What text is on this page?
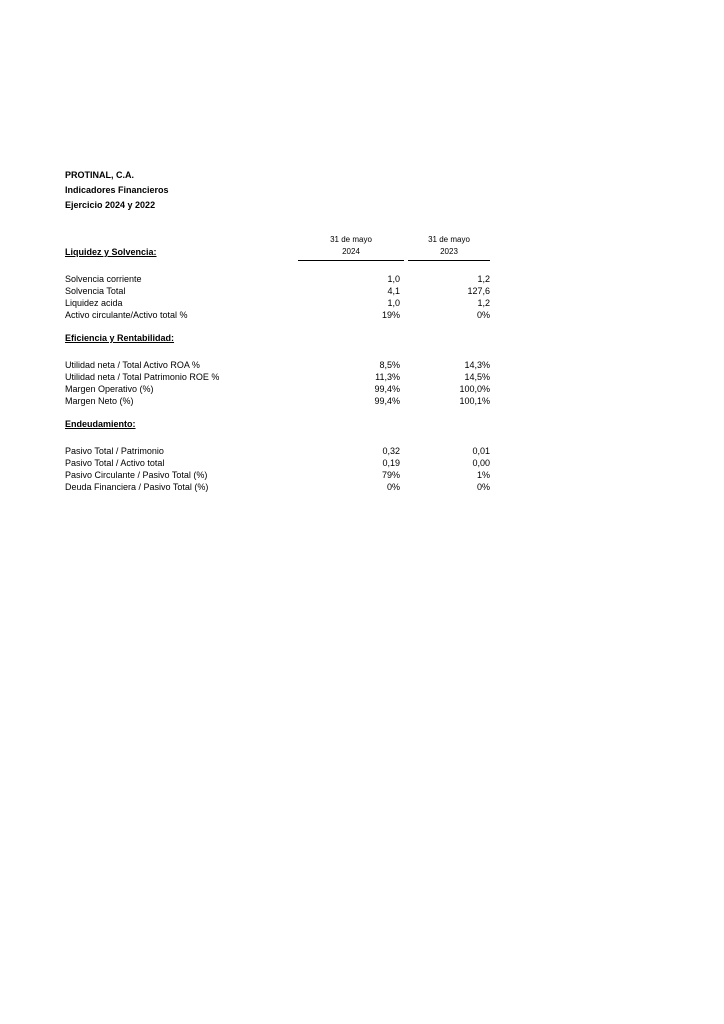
PROTINAL, C.A.
Indicadores Financieros
Ejercicio 2024 y 2022
31 de mayo
2024
31 de mayo
2023
Liquidez y Solvencia:
Solvencia corriente	1,0	1,2
Solvencia Total	4,1	127,6
Liquidez acida	1,0	1,2
Activo circulante/Activo total %	19%	0%
Eficiencia y Rentabilidad:
Utilidad neta / Total Activo ROA %	8,5%	14,3%
Utilidad neta / Total Patrimonio ROE %	11,3%	14,5%
Margen Operativo (%)	99,4%	100,0%
Margen Neto (%)	99,4%	100,1%
Endeudamiento:
Pasivo Total / Patrimonio	0,32	0,01
Pasivo Total / Activo total	0,19	0,00
Pasivo Circulante / Pasivo Total (%)	79%	1%
Deuda Financiera / Pasivo Total (%)	0%	0%
